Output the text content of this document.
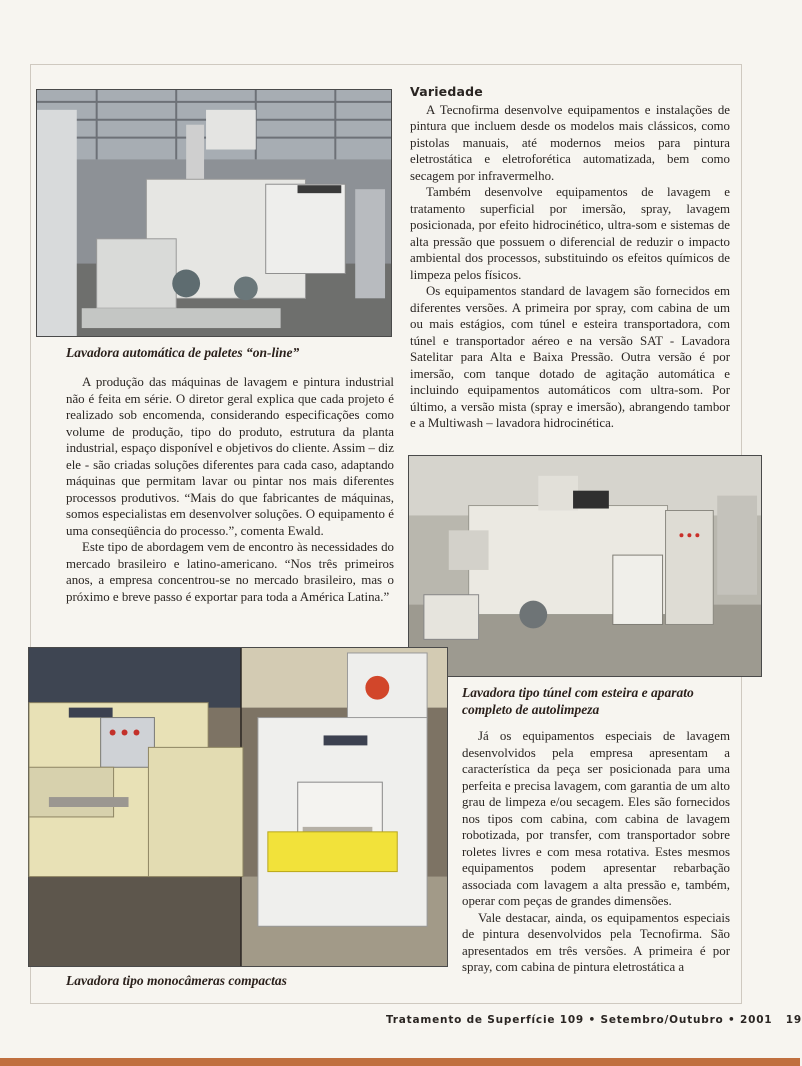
Lavadora automática de paletes “on-line”

A produção das máquinas de lavagem e pintura industrial não é feita em série. O diretor geral explica que cada projeto é realizado sob encomenda, considerando especificações como volume de produção, tipo do produto, estrutura da planta industrial, espaço disponível e objetivos do cliente. Assim – diz ele - são criadas soluções diferentes para cada caso, adaptando máquinas que permitam lavar ou pintar nos mais diferentes processos produtivos. “Mais do que fabricantes de máquinas, somos especialistas em desenvolver soluções. O equipamento é uma conseqüência do processo.”, comenta Ewald.

Este tipo de abordagem vem de encontro às necessidades do mercado brasileiro e latino-americano. “Nos três primeiros anos, a empresa concentrou-se no mercado brasileiro, mas o próximo e breve passo é exportar para toda a América Latina.”

Variedade

A Tecnofirma desenvolve equipamentos e instalações de pintura que incluem desde os modelos mais clássicos, como pistolas manuais, até modernos meios para pintura eletrostática e eletroforética automatizada, bem como secagem por infravermelho.

Também desenvolve equipamentos de lavagem e tratamento superficial por imersão, spray, lavagem posicionada, por efeito hidrocinético, ultra-som e sistemas de alta pressão que possuem o diferencial de reduzir o impacto ambiental dos processos, substituindo os efeitos químicos de limpeza pelos físicos.

Os equipamentos standard de lavagem são fornecidos em diferentes versões. A primeira por spray, com cabina de um ou mais estágios, com túnel e esteira transportadora, com túnel e transportador aéreo e na versão SAT - Lavadora Satelitar para Alta e Baixa Pressão. Outra versão é por imersão, com tanque dotado de agitação automática e incluindo equipamentos automáticos com ultra-som. Por último, a versão mista (spray e imersão), abrangendo tambor e a Multiwash – lavadora hidrocinética.

Lavadora tipo túnel com esteira e aparato completo de autolimpeza

Já os equipamentos especiais de lavagem desenvolvidos pela empresa apresentam a característica da peça ser posicionada para uma perfeita e precisa lavagem, com garantia de um alto grau de limpeza e/ou secagem. Eles são fornecidos nos tipos com cabina, com cabina de lavagem robotizada, por transfer, com transportador sobre roletes livres e com mesa rotativa. Estes mesmos equipamentos podem apresentar rebarbação associada com lavagem a alta pressão e, também, operar com peças de grandes dimensões.

Vale destacar, ainda, os equipamentos especiais de pintura desenvolvidos pela Tecnofirma. São apresentados em três versões. A primeira é por spray, com cabina de pintura eletrostática a

Lavadora tipo monocâmeras compactas
Tratamento de Superfície 109 • Setembro/Outubro • 2001 19
